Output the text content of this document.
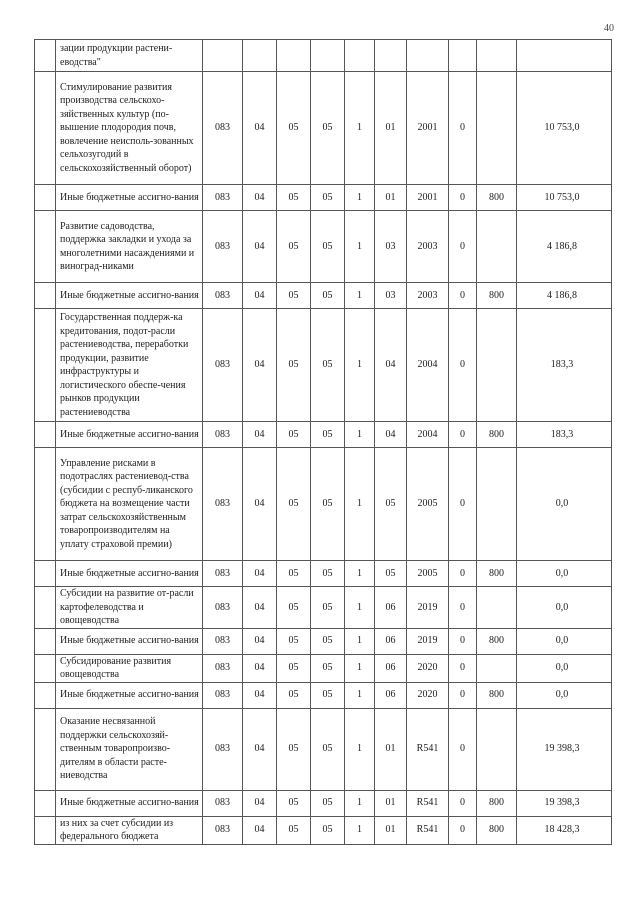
40
	зации продукции растени-
еводства"										
	Стимулирование развития производства сельскохо-зяйственных культур (по-вышение плодородия почв, вовлечение неисполь-зованных сельхозугодий в сельскохозяйственный оборот)	083	04	05	05	1	01	2001	0		10 753,0
	Иные бюджетные ассигно-вания	083	04	05	05	1	01	2001	0	800	10 753,0
	Развитие садоводства, поддержка закладки и ухода за многолетними насаждениями и виноград-никами	083	04	05	05	1	03	2003	0		4 186,8
	Иные бюджетные ассигно-вания	083	04	05	05	1	03	2003	0	800	4 186,8
	Государственная поддерж-ка кредитования, подот-расли растениеводства, переработки продукции, развитие инфраструктуры и логистического обеспе-чения рынков продукции растениеводства	083	04	05	05	1	04	2004	0		183,3
	Иные бюджетные ассигно-вания	083	04	05	05	1	04	2004	0	800	183,3
	Управление рисками в подотраслях растениевод-ства (субсидии с респуб-ликанского бюджета на возмещение части затрат сельскохозяйственным товаропроизводителям на уплату страховой премии)	083	04	05	05	1	05	2005	0		0,0
	Иные бюджетные ассигно-вания	083	04	05	05	1	05	2005	0	800	0,0
	Субсидии на развитие от-расли картофелеводства и овощеводства	083	04	05	05	1	06	2019	0		0,0
	Иные бюджетные ассигно-вания	083	04	05	05	1	06	2019	0	800	0,0
	Субсидирование развития овощеводства	083	04	05	05	1	06	2020	0		0,0
	Иные бюджетные ассигно-вания	083	04	05	05	1	06	2020	0	800	0,0
	Оказание несвязанной поддержки сельскохозяй-ственным товаропроизво-дителям в области расте-ниеводства	083	04	05	05	1	01	R541	0		19 398,3
	Иные бюджетные ассигно-вания	083	04	05	05	1	01	R541	0	800	19 398,3
	из них за счет субсидии из федерального бюджета	083	04	05	05	1	01	R541	0	800	18 428,3
